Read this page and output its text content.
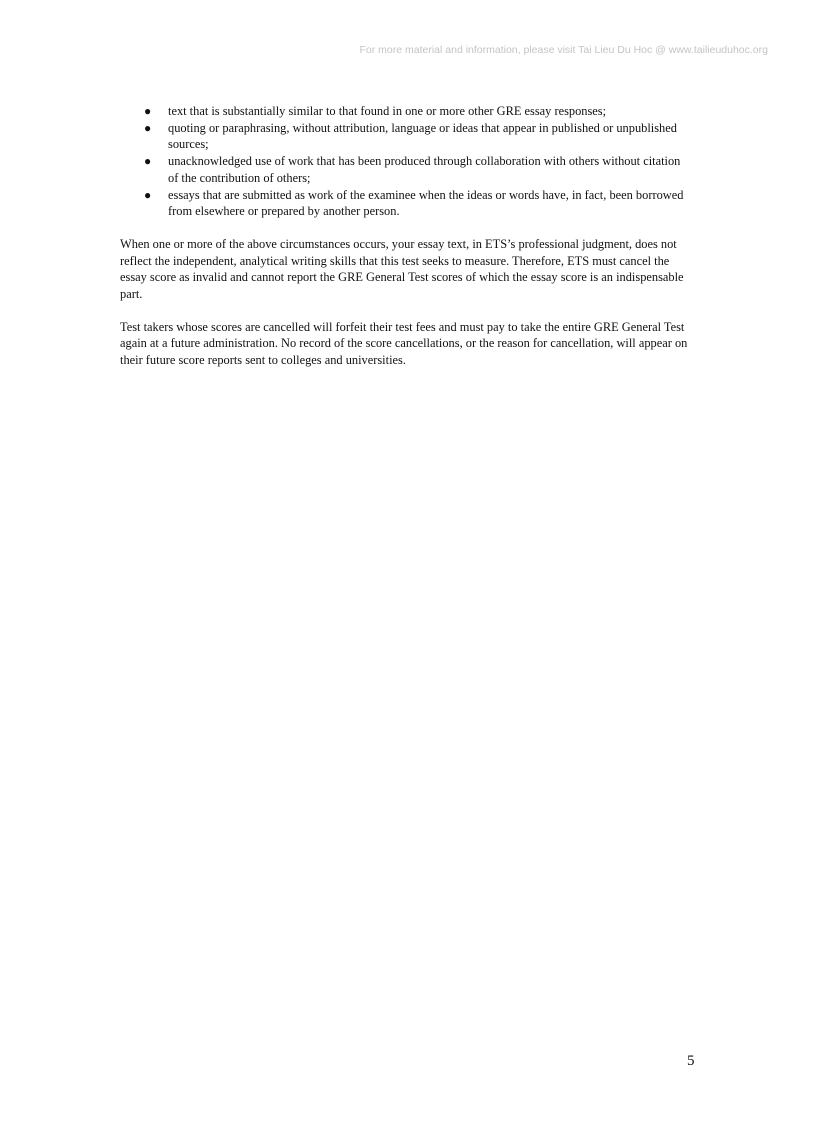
For more material and information, please visit Tai Lieu Du Hoc @ www.tailieuduhoc.org
● text that is substantially similar to that found in one or more other GRE essay responses;
● quoting or paraphrasing, without attribution, language or ideas that appear in published or unpublished sources;
● unacknowledged use of work that has been produced through collaboration with others without citation of the contribution of others;
● essays that are submitted as work of the examinee when the ideas or words have, in fact, been borrowed from elsewhere or prepared by another person.

When one or more of the above circumstances occurs, your essay text, in ETS’s professional judgment, does not reflect the independent, analytical writing skills that this test seeks to measure. Therefore, ETS must cancel the essay score as invalid and cannot report the GRE General Test scores of which the essay score is an indispensable part.

Test takers whose scores are cancelled will forfeit their test fees and must pay to take the entire GRE General Test again at a future administration. No record of the score cancellations, or the reason for cancellation, will appear on their future score reports sent to colleges and universities.

5
